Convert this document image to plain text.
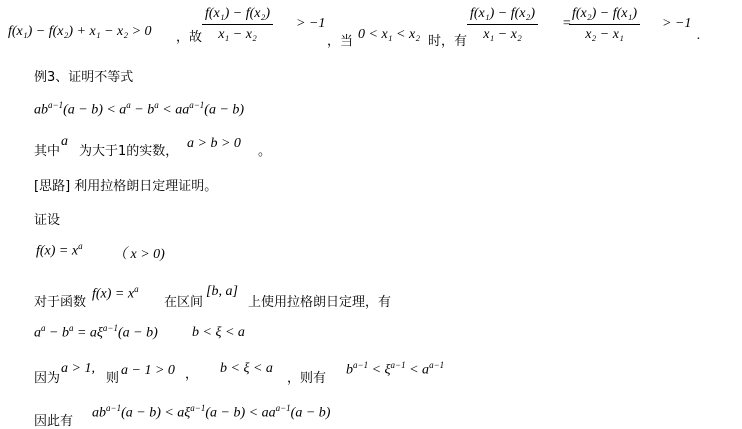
f(x₁) − f(x₂) + x₁ − x₂ > 0 ，故 $\frac{\text{f(x₁) − f(x₂)}}{\text{x₁ − x₂}} > -1$
，当 0 < x₁ < x₂ 时，有 $\frac{\text{f(x₁) − f(x₂)}}{\text{x₁ − x₂}}$ =
$\frac{\text{f(x₂) − f(x₁)}}{\text{x₂ − x₁}} > -1$
.
例3、证明不等式
$ab^{a-1}(a - b) < a^a - b^a < aa^{a-1}(a - b)$
其中
a
为大于1的实数，
a > b > 0
。
[思路] 利用拉格朗日定理证明。
证设
$f(x) = x^a$
（ x > 0)
对于函数
$f(x) = x^a$
在区间
[b, a]
上使用拉格朗日定理，有
$a^a - b^a = a\xi^{a-1}(a - b) b < \xi < a$
因为
a > 1,
则
a − 1 > 0 ， b < ξ < a
，则有
$b^{a-1} < \xi^{a-1} < a^{a-1}$
因此有
$ab^{a-1}(a - b) < a\xi^{a-1}(a - b) < aa^{a-1}(a - b)$
